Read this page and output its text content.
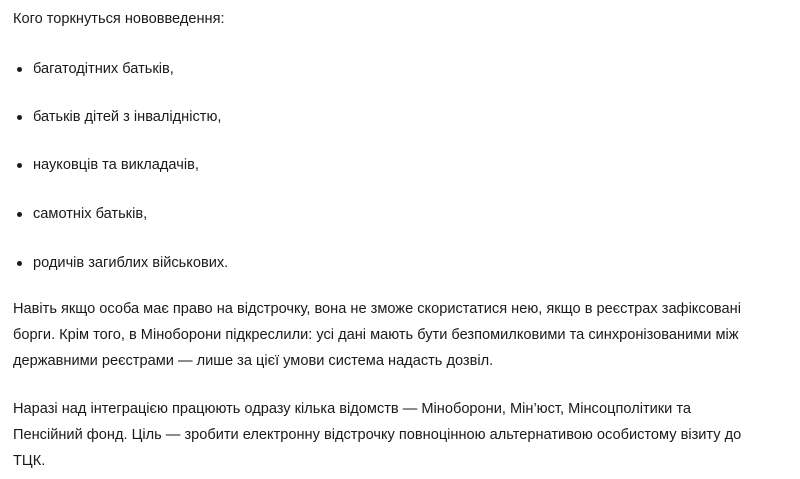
Кого торкнуться нововведення:

багатодітних батьків,
батьків дітей з інвалідністю,
науковців та викладачів,
самотніх батьків,
родичів загиблих військових.

Навіть якщо особа має право на відстрочку, вона не зможе скористатися нею, якщо в реєстрах зафіксовані
борги. Крім того, в Міноборони підкреслили: усі дані мають бути безпомилковими та синхронізованими між
державними реєстрами — лише за цієї умови система надасть дозвіл.

Наразі над інтеграцією працюють одразу кілька відомств — Міноборони, Мін’юст, Мінсоцполітики та
Пенсійний фонд. Ціль — зробити електронну відстрочку повноцінною альтернативою особистому візиту до
ТЦК.
